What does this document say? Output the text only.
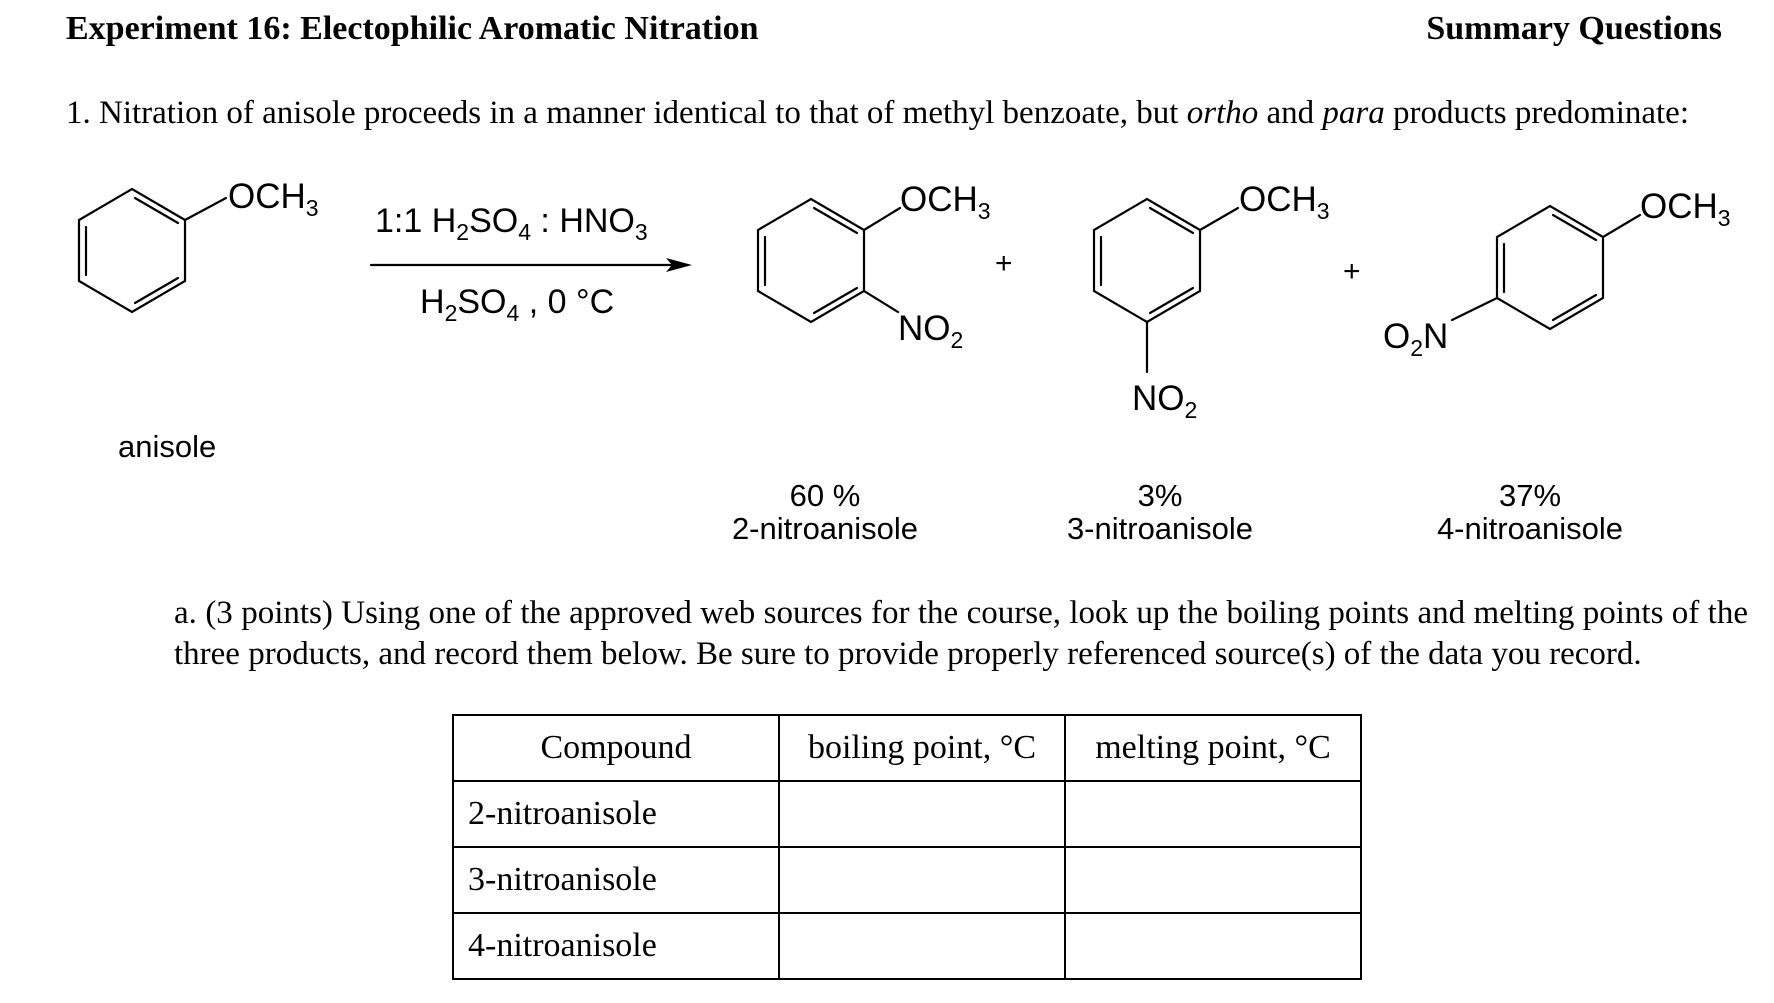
Experiment 16: Electophilic Aromatic Nitration	Summary Questions
1. Nitration of anisole proceeds in a manner identical to that of methyl benzoate, but ortho and para products predominate:
$OCH_3$ 1:1 $H_2SO_4$ : $HNO_3$
$H_2SO_4$ , 0 °C
$OCH_3$
$NO_2$
+
$OCH_3$
$NO_2$
+
$OCH_3$
$O_2N$
anisole
60 %
2-nitroanisole
3%
3-nitroanisole
37%
4-nitroanisole
a. (3 points) Using one of the approved web sources for the course, look up the boiling points and melting points of the three products, and record them below. Be sure to provide properly referenced source(s) of the data you record.
Compound	boiling point, °C	melting point, °C
2-nitroanisole		
3-nitroanisole		
4-nitroanisole		
